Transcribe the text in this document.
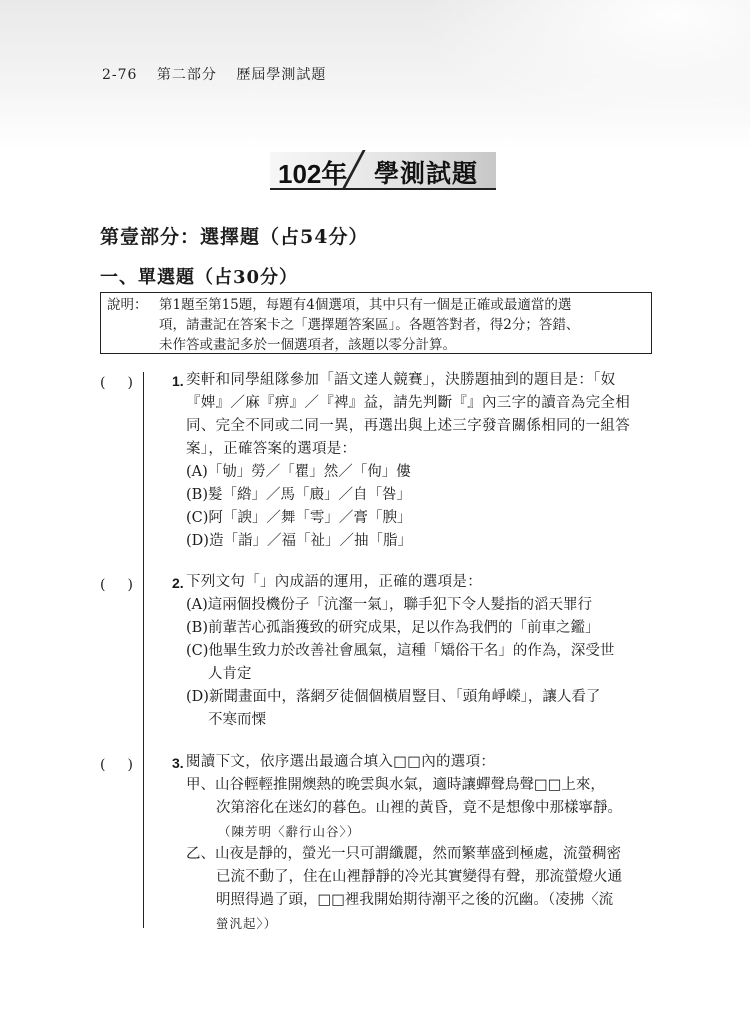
2-76 第二部分 歷屆學測試題
102年 學測試題
第壹部分：選擇題（占54分）
一、單選題（占30分）
說明： 第1題至第15題，每題有4個選項，其中只有一個是正確或最適當的選
項，請畫記在答案卡之「選擇題答案區」。各題答對者，得2分；答錯、
未作答或畫記多於一個選項者，該題以零分計算。
(　)	1. 奕軒和同學組隊參加「語文達人競賽」，決勝題抽到的題目是：「奴
『婢』／麻『痹』／『裨』益，請先判斷『』內三字的讀音為完全相
同、完全不同或二同一異，再選出與上述三字發音關係相同的一組答
案」，正確答案的選項是：
(A)「劬」勞／「瞿」然／「佝」僂
(B)髮「綹」／馬「廄」／自「咎」
(C)阿「諛」／舞「雩」／膏「腴」
(D)造「詣」／福「祉」／抽「脂」
(　)	2. 下列文句「」內成語的運用，正確的選項是：
(A)這兩個投機份子「沆瀣一氣」，聯手犯下令人髮指的滔天罪行
(B)前輩苦心孤詣獲致的研究成果，足以作為我們的「前車之鑑」
(C)他畢生致力於改善社會風氣，這種「矯俗干名」的作為，深受世
人肯定
(D)新聞畫面中，落網歹徒個個橫眉豎目、「頭角崢嶸」，讓人看了
不寒而慄
(　)	3. 閱讀下文，依序選出最適合填入□□內的選項：
甲、山谷輕輕推開燠熱的晚雲與水氣，適時讓蟬聲鳥聲□□上來，
次第溶化在迷幻的暮色。山裡的黃昏，竟不是想像中那樣寧靜。
（陳芳明〈辭行山谷〉）
乙、山夜是靜的，螢光一只可謂纖麗，然而繁華盛到極處，流螢稠密
已流不動了，住在山裡靜靜的冷光其實變得有聲，那流螢燈火通
明照得過了頭，□□裡我開始期待潮平之後的沉幽。（凌拂〈流
螢汎起〉）
